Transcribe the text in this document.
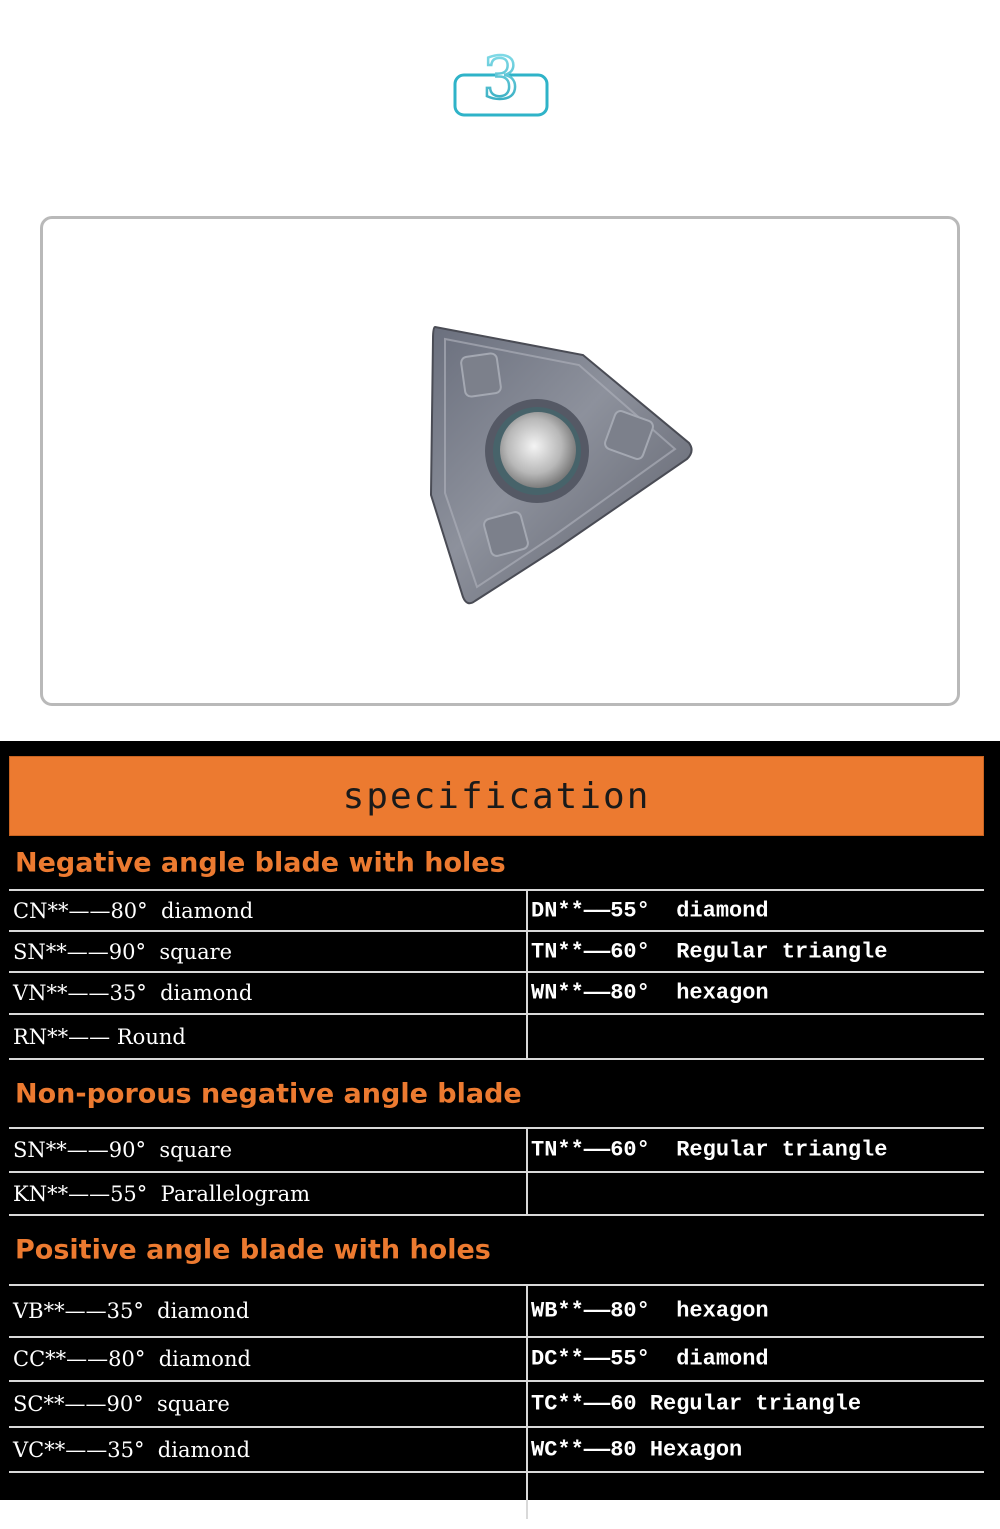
3
specification
Negative angle blade with holes
CN**——80°  diamond	DN**——55°  diamond
SN**——90°  square	TN**——60°  Regular triangle
VN**——35°  diamond	WN**——80°  hexagon
RN**—— Round
Non-porous negative angle blade
SN**——90°  square	TN**——60°  Regular triangle
KN**——55°  Parallelogram
Positive angle blade with holes
VB**——35°  diamond	WB**——80°  hexagon
CC**——80°  diamond	DC**——55°  diamond
SC**——90°  square	TC**——60 Regular triangle
VC**——35°  diamond	WC**——80 Hexagon
RC**—— Round	CP**——80 diamond
